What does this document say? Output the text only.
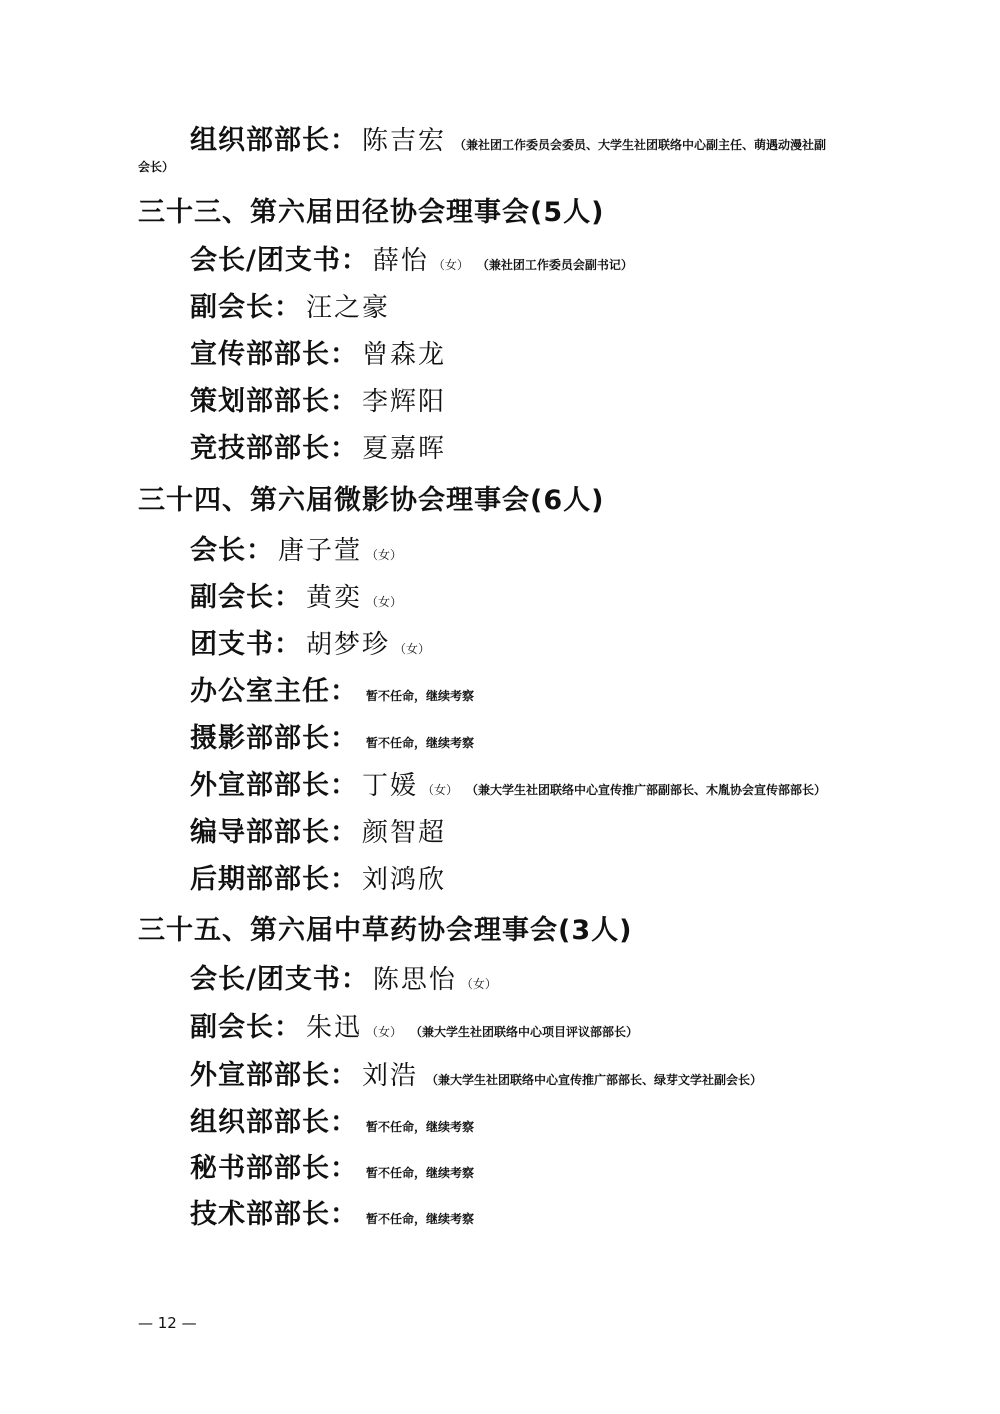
组织部部长： 陈吉宏 （兼社团工作委员会委员、大学生社团联络中心副主任、萌遇动漫社副
会长）
三十三、第六届田径协会理事会(5人)
会长/团支书： 薛怡 （女） （兼社团工作委员会副书记）
副会长： 汪之豪
宣传部部长： 曾森龙
策划部部长： 李辉阳
竞技部部长： 夏嘉晖
三十四、第六届微影协会理事会(6人)
会长： 唐子萱 （女）
副会长： 黄奕 （女）
团支书： 胡梦珍 （女）
办公室主任： 暂不任命，继续考察
摄影部部长： 暂不任命，继续考察
外宣部部长： 丁媛 （女） （兼大学生社团联络中心宣传推广部副部长、木胤协会宣传部部长）
编导部部长： 颜智超
后期部部长： 刘鸿欣
三十五、第六届中草药协会理事会(3人)
会长/团支书： 陈思怡 （女）
副会长： 朱迅 （女） （兼大学生社团联络中心项目评议部部长）
外宣部部长： 刘浩 （兼大学生社团联络中心宣传推广部部长、绿芽文学社副会长）
组织部部长： 暂不任命，继续考察
秘书部部长： 暂不任命，继续考察
技术部部长： 暂不任命，继续考察
— 12 —
